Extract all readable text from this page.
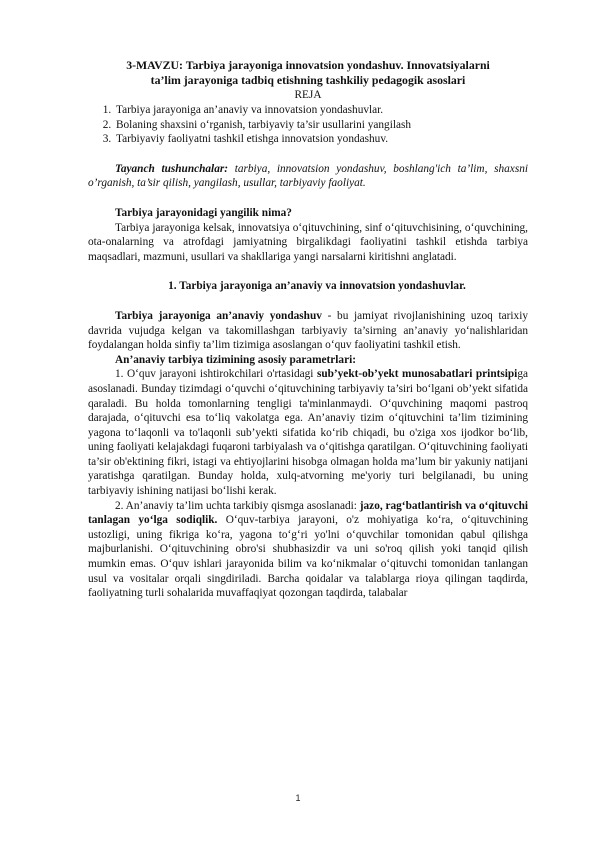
3-MAVZU: Tarbiya jarayoniga innovatsion yondashuv. Innovatsiyalarni
ta’lim jarayoniga tadbiq etishning tashkiliy pedagogik asoslari

REJA

1. Tarbiya jarayoniga an’anaviy va innovatsion yondashuvlar.
2. Bolaning shaxsini o‘rganish, tarbiyaviy ta’sir usullarini yangilash
3. Tarbiyaviy faoliyatni tashkil etishga innovatsion yondashuv.

Tayanch tushunchalar: tarbiya, innovatsion yondashuv, boshlang'ich ta’lim, shaxsni o’rganish, ta’sir qilish, yangilash, usullar, tarbiyaviy faoliyat.

Tarbiya jarayonidagi yangilik nima?

Tarbiya jarayoniga kelsak, innovatsiya o‘qituvchining, sinf o‘qituvchisining, o‘quvchining, ota-onalarning va atrofdagi jamiyatning birgalikdagi faoliyatini tashkil etishda tarbiya maqsadlari, mazmuni, usullari va shakllariga yangi narsalarni kiritishni anglatadi.

1. Tarbiya jarayoniga an’anaviy va innovatsion yondashuvlar.

Tarbiya jarayoniga an’anaviy yondashuv - bu jamiyat rivojlanishining uzoq tarixiy davrida vujudga kelgan va takomillashgan tarbiyaviy ta’sirning an’anaviy yo‘nalishlaridan foydalangan holda sinfiy ta’lim tizimiga asoslangan o‘quv faoliyatini tashkil etish.

An’anaviy tarbiya tizimining asosiy parametrlari:

1. O‘quv jarayoni ishtirokchilari o'rtasidagi sub’yekt-ob’yekt munosabatlari printsipiga asoslanadi. Bunday tizimdagi o‘quvchi o‘qituvchining tarbiyaviy ta’siri bo‘lgani ob’yekt sifatida qaraladi. Bu holda tomonlarning tengligi ta'minlanmaydi. O‘quvchining maqomi pastroq darajada, o‘qituvchi esa to‘liq vakolatga ega. An’anaviy tizim o‘qituvchini ta’lim tizimining yagona to‘laqonli va to'laqonli sub’yekti sifatida ko‘rib chiqadi, bu o'ziga xos ijodkor bo‘lib, uning faoliyati kelajakdagi fuqaroni tarbiyalash va o‘qitishga qaratilgan. O‘qituvchining faoliyati ta’sir ob'ektining fikri, istagi va ehtiyojlarini hisobga olmagan holda ma’lum bir yakuniy natijani yaratishga qaratilgan. Bunday holda, xulq-atvorning me'yoriy turi belgilanadi, bu uning tarbiyaviy ishining natijasi bo‘lishi kerak.

2. An’anaviy ta’lim uchta tarkibiy qismga asoslanadi: jazo, rag‘batlantirish va o‘qituvchi tanlagan yo‘lga sodiqlik. O‘quv-tarbiya jarayoni, o'z mohiyatiga ko‘ra, o‘qituvchining ustozligi, uning fikriga ko‘ra, yagona to‘g‘ri yo'lni o‘quvchilar tomonidan qabul qilishga majburlanishi. O‘qituvchining obro'si shubhasizdir va uni so'roq qilish yoki tanqid qilish mumkin emas. O‘quv ishlari jarayonida bilim va ko‘nikmalar o‘qituvchi tomonidan tanlangan usul va vositalar orqali singdiriladi. Barcha qoidalar va talablarga rioya qilingan taqdirda, faoliyatning turli sohalarida muvaffaqiyat qozongan taqdirda, talabalar

1
